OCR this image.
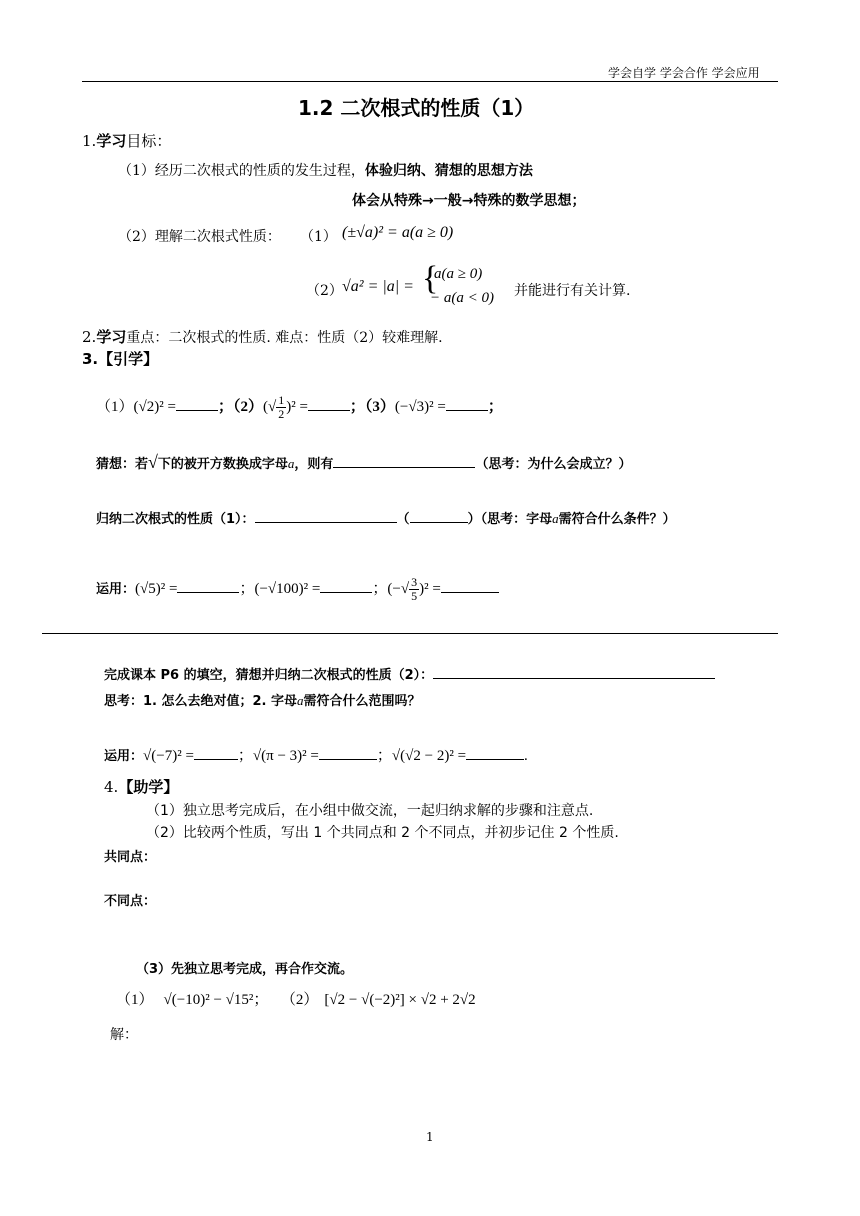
学会自学 学会合作 学会应用
1.2 二次根式的性质（1）
1.学习目标：
（1）经历二次根式的性质的发生过程，体验归纳、猜想的思想方法
体会从特殊→一般→特殊的数学思想；
（2）理解二次根式性质： （1） (±√a)² = a(a ≥ 0)
（2） √a² = |a| = {
a(a ≥ 0)
− a(a < 0) 并能进行有关计算.
2.学习重点：二次根式的性质. 难点：性质（2）较难理解.
3.【引学】
（1）(√2)² =	；$(2)(√ \frac{1}{2} )^2$ =	；（3）(−√3)² =	；
猜想：若√下的被开方数换成字母a，则有	（思考：为什么会成立？）
归纳二次根式的性质（1）：	（	）（思考：字母a需符合什么条件？）
运用：(√5)² =	；(−√100)² =	；(−√ $\frac{3}{5} )^2$ =
完成课本 P6 的填空，猜想并归纳二次根式的性质（2）：
思考：1. 怎么去绝对值；2. 字母a需符合什么范围吗？
运用：√(−7)² =	；√(π − 3)² =	；√(√2 − 2)² =	.
4.【助学】
（1）独立思考完成后，在小组中做交流，一起归纳求解的步骤和注意点.
（2）比较两个性质，写出 1 个共同点和 2 个不同点，并初步记住 2 个性质.
共同点：
不同点：
（3）先独立思考完成，再合作交流。
（1） √(−10)² − √15²； （2） [√2 − √(−2)²] × √2 + 2√2
解：
1
